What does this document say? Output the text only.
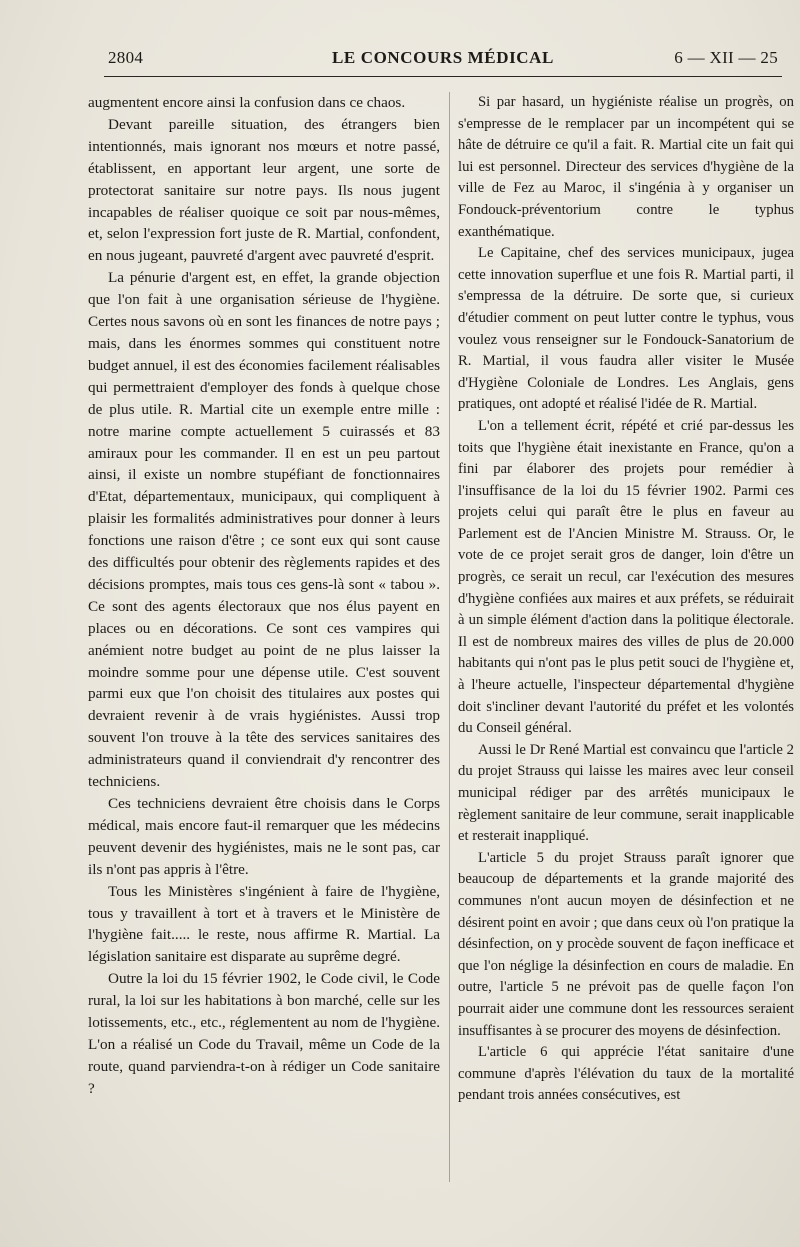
2804	LE CONCOURS MÉDICAL	6 — XII — 25

augmentent encore ainsi la confusion dans ce chaos.

Devant pareille situation, des étrangers bien intentionnés, mais ignorant nos mœurs et notre passé, établissent, en apportant leur argent, une sorte de protectorat sanitaire sur notre pays. Ils nous jugent incapables de réaliser quoique ce soit par nous-mêmes, et, selon l'expression fort juste de R. Martial, confondent, en nous jugeant, pauvreté d'argent avec pauvreté d'esprit.

La pénurie d'argent est, en effet, la grande objection que l'on fait à une organisation sérieuse de l'hygiène. Certes nous savons où en sont les finances de notre pays ; mais, dans les énormes sommes qui constituent notre budget annuel, il est des économies facilement réalisables qui permettraient d'employer des fonds à quelque chose de plus utile. R. Martial cite un exemple entre mille : notre marine compte actuellement 5 cuirassés et 83 amiraux pour les commander. Il en est un peu partout ainsi, il existe un nombre stupéfiant de fonctionnaires d'Etat, départementaux, municipaux, qui compliquent à plaisir les formalités administratives pour donner à leurs fonctions une raison d'être ; ce sont eux qui sont cause des difficultés pour obtenir des règlements rapides et des décisions promptes, mais tous ces gens-là sont « tabou ». Ce sont des agents électoraux que nos élus payent en places ou en décorations. Ce sont ces vampires qui anémient notre budget au point de ne plus laisser la moindre somme pour une dépense utile. C'est souvent parmi eux que l'on choisit des titulaires aux postes qui devraient revenir à de vrais hygiénistes. Aussi trop souvent l'on trouve à la tête des services sanitaires des administrateurs quand il conviendrait d'y rencontrer des techniciens.

Ces techniciens devraient être choisis dans le Corps médical, mais encore faut-il remarquer que les médecins peuvent devenir des hygiénistes, mais ne le sont pas, car ils n'ont pas appris à l'être.

Tous les Ministères s'ingénient à faire de l'hygiène, tous y travaillent à tort et à travers et le Ministère de l'hygiène fait..... le reste, nous affirme R. Martial. La législation sanitaire est disparate au suprême degré.

Outre la loi du 15 février 1902, le Code civil, le Code rural, la loi sur les habitations à bon marché, celle sur les lotissements, etc., etc., réglementent au nom de l'hygiène. L'on a réalisé un Code du Travail, même un Code de la route, quand parviendra-t-on à rédiger un Code sanitaire ?

Si par hasard, un hygiéniste réalise un progrès, on s'empresse de le remplacer par un incompétent qui se hâte de détruire ce qu'il a fait. R. Martial cite un fait qui lui est personnel. Directeur des services d'hygiène de la ville de Fez au Maroc, il s'ingénia à y organiser un Fondouck-préventorium contre le typhus exanthématique.

Le Capitaine, chef des services municipaux, jugea cette innovation superflue et une fois R. Martial parti, il s'empressa de la détruire. De sorte que, si curieux d'étudier comment on peut lutter contre le typhus, vous voulez vous renseigner sur le Fondouck-Sanatorium de R. Martial, il vous faudra aller visiter le Musée d'Hygiène Coloniale de Londres. Les Anglais, gens pratiques, ont adopté et réalisé l'idée de R. Martial.

L'on a tellement écrit, répété et crié par-dessus les toits que l'hygiène était inexistante en France, qu'on a fini par élaborer des projets pour remédier à l'insuffisance de la loi du 15 février 1902. Parmi ces projets celui qui paraît être le plus en faveur au Parlement est de l'Ancien Ministre M. Strauss. Or, le vote de ce projet serait gros de danger, loin d'être un progrès, ce serait un recul, car l'exécution des mesures d'hygiène confiées aux maires et aux préfets, se réduirait à un simple élément d'action dans la politique électorale. Il est de nombreux maires des villes de plus de 20.000 habitants qui n'ont pas le plus petit souci de l'hygiène et, à l'heure actuelle, l'inspecteur départemental d'hygiène doit s'incliner devant l'autorité du préfet et les volontés du Conseil général.

Aussi le Dr René Martial est convaincu que l'article 2 du projet Strauss qui laisse les maires avec leur conseil municipal rédiger par des arrêtés municipaux le règlement sanitaire de leur commune, serait inapplicable et resterait inappliqué.

L'article 5 du projet Strauss paraît ignorer que beaucoup de départements et la grande majorité des communes n'ont aucun moyen de désinfection et ne désirent point en avoir ; que dans ceux où l'on pratique la désinfection, on y procède souvent de façon inefficace et que l'on néglige la désinfection en cours de maladie. En outre, l'article 5 ne prévoit pas de quelle façon l'on pourrait aider une commune dont les ressources seraient insuffisantes à se procurer des moyens de désinfection.

L'article 6 qui apprécie l'état sanitaire d'une commune d'après l'élévation du taux de la mortalité pendant trois années consécutives, est
